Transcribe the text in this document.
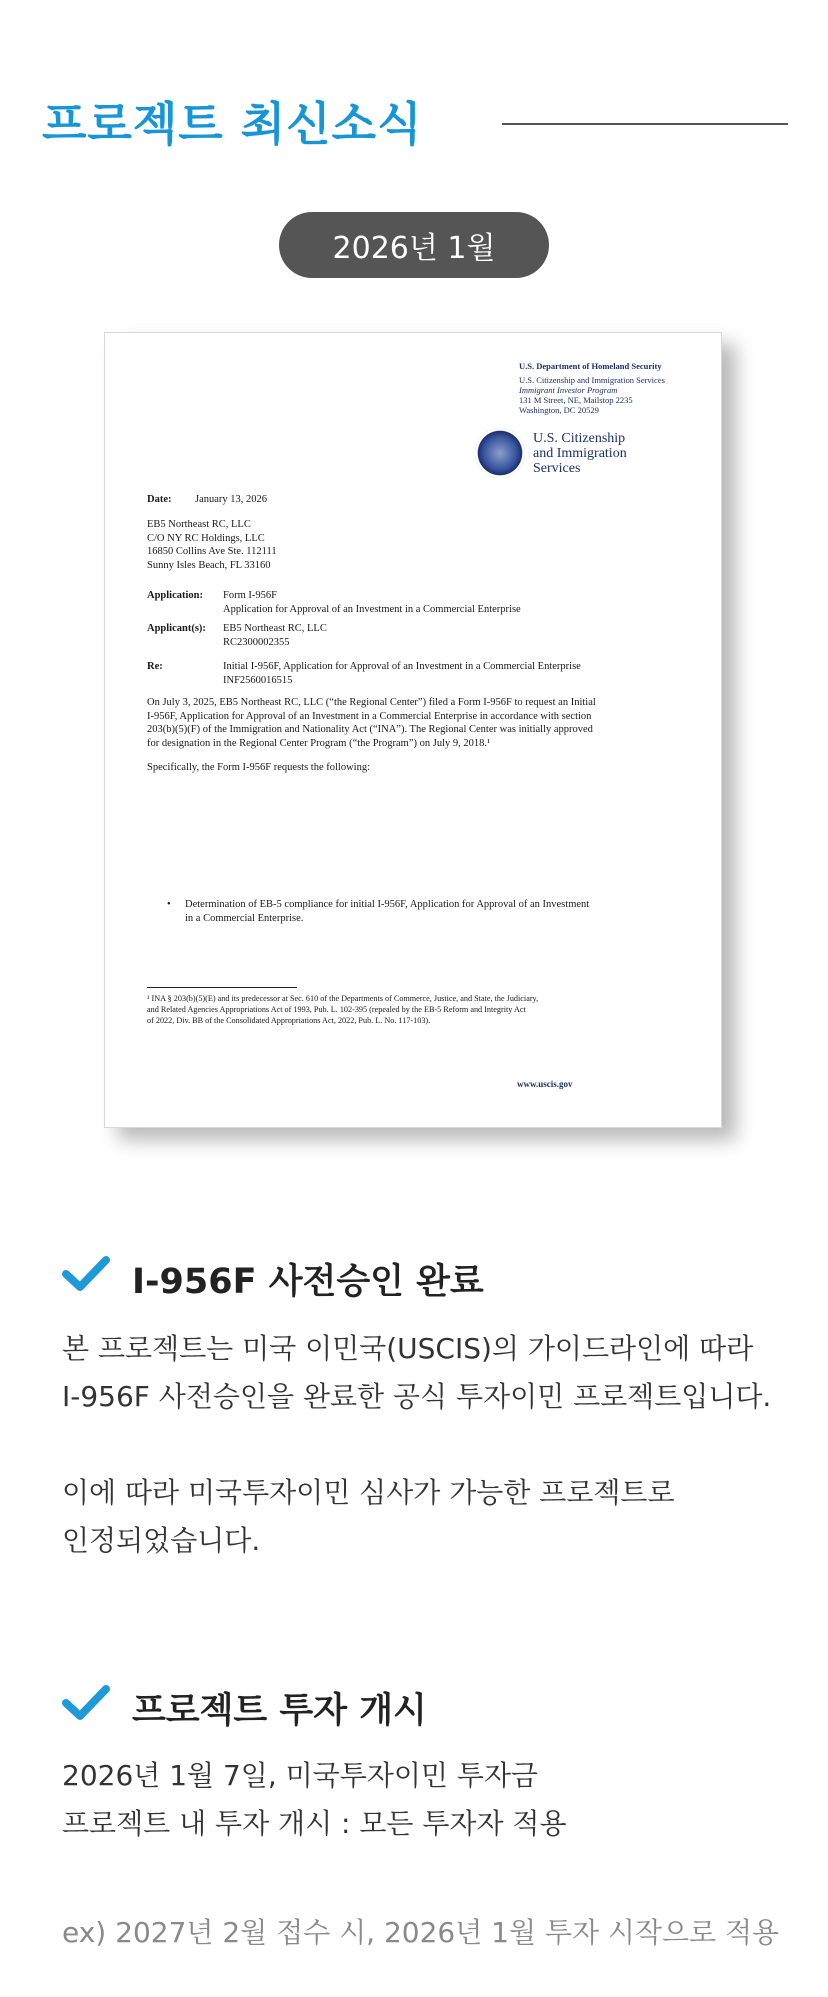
프로젝트 최신소식
2026년 1월
U.S. Department of Homeland Security
U.S. Citizenship and Immigration Services
Immigrant Investor Program
131 M Street, NE, Mailstop 2235
Washington, DC 20529
U.S. Citizenship
and Immigration
Services
Date: January 13, 2026
EB5 Northeast RC, LLC
C/O NY RC Holdings, LLC
16850 Collins Ave Ste. 112111
Sunny Isles Beach, FL 33160
Application: Form I-956F
Application for Approval of an Investment in a Commercial Enterprise
Applicant(s): EB5 Northeast RC, LLC
RC2300002355
Re:	Initial I-956F, Application for Approval of an Investment in a Commercial Enterprise
INF2560016515
On July 3, 2025, EB5 Northeast RC, LLC (“the Regional Center”) filed a Form I-956F to request an Initial
I-956F, Application for Approval of an Investment in a Commercial Enterprise in accordance with section
203(b)(5)(F) of the Immigration and Nationality Act (“INA”). The Regional Center was initially approved
for designation in the Regional Center Program (“the Program”) on July 9, 2018.¹
Specifically, the Form I-956F requests the following:
• Determination of EB-5 compliance for initial I-956F, Application for Approval of an Investment
in a Commercial Enterprise.
¹ INA § 203(b)(5)(E) and its predecessor at Sec. 610 of the Departments of Commerce, Justice, and State, the Judiciary,
and Related Agencies Appropriations Act of 1993, Pub. L. 102-395 (repealed by the EB-5 Reform and Integrity Act
of 2022, Div. BB of the Consolidated Appropriations Act, 2022, Pub. L. No. 117-103).
www.uscis.gov
I-956F 사전승인 완료
본 프로젝트는 미국 이민국(USCIS)의 가이드라인에 따라
I-956F 사전승인을 완료한 공식 투자이민 프로젝트입니다.
이에 따라 미국투자이민 심사가 가능한 프로젝트로
인정되었습니다.
프로젝트 투자 개시
2026년 1월 7일, 미국투자이민 투자금
프로젝트 내 투자 개시 : 모든 투자자 적용
ex) 2027년 2월 접수 시, 2026년 1월 투자 시작으로 적용
